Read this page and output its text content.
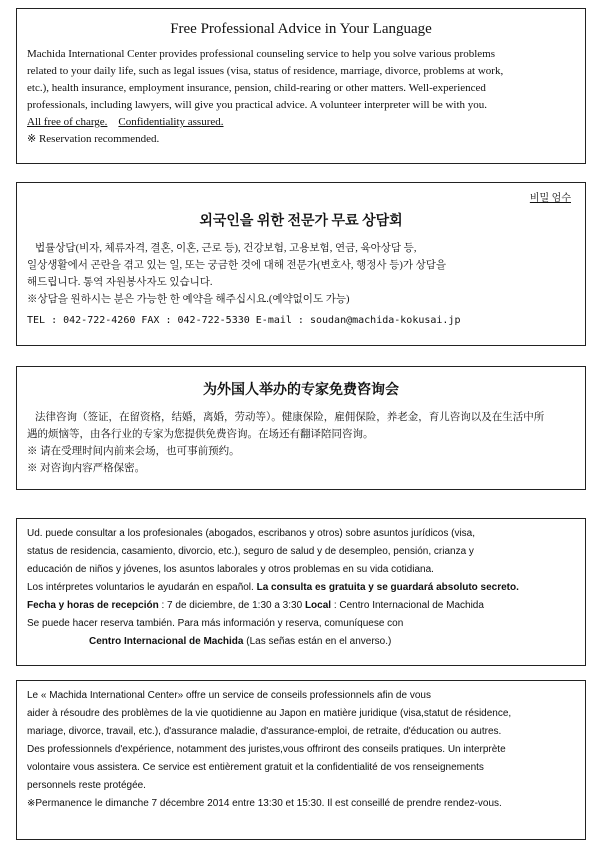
Free Professional Advice in Your Language

Machida International Center provides professional counseling service to help you solve various problems

related to your daily life, such as legal issues (visa, status of residence, marriage, divorce, problems at work,

etc.), health insurance, employment insurance, pension, child-rearing or other matters. Well-experienced

professionals, including lawyers, will give you practical advice. A volunteer interpreter will be with you.

All free of charge. Confidentiality assured.

※ Reservation recommended.

비밀 엄수
외국인을 위한 전문가 무료 상담회

법률상담(비자, 체류자격, 결혼, 이혼, 근로 등), 건강보험, 고용보험, 연금, 육아상담 등,

일상생활에서 곤란을 겪고 있는 일, 또는 궁금한 것에 대해 전문가(변호사, 행정사 등)가 상담을

해드립니다. 통역 자원봉사자도 있습니다.

※상담을 원하시는 분은 가능한 한 예약을 해주십시요.(예약없이도 가능)

TEL : 042-722-4260 FAX : 042-722-5330 E-mail : soudan@machida-kokusai.jp

为外国人举办的专家免费咨询会

法律咨询（签证，在留资格，结婚，离婚，劳动等）。健康保险，雇佣保险，养老金，育儿咨询以及在生活中所

遇的烦恼等，由各行业的专家为您提供免费咨询。在场还有翻译陪同咨询。

※ 请在受理时间内前来会场，也可事前预约。

※ 对咨询内容严格保密。

Ud. puede consultar a los profesionales (abogados, escribanos y otros) sobre asuntos jurídicos (visa,

status de residencia, casamiento, divorcio, etc.), seguro de salud y de desempleo, pensión, crianza y

educación de niños y jóvenes, los asuntos laborales y otros problemas en su vida cotidiana.

Los intérpretes voluntarios le ayudarán en español. La consulta es gratuita y se guardará absoluto secreto.

Fecha y horas de recepción : 7 de diciembre, de 1:30 a 3:30 Local : Centro Internacional de Machida

Se puede hacer reserva también. Para más información y reserva, comuníquese con

Centro Internacional de Machida (Las señas están en el anverso.)

Le « Machida International Center» offre un service de conseils professionnels afin de vous

aider à résoudre des problèmes de la vie quotidienne au Japon en matière juridique (visa,statut de résidence,

mariage, divorce, travail, etc.), d'assurance maladie, d'assurance-emploi, de retraite, d'éducation ou autres.

Des professionnels d'expérience, notamment des juristes,vous offriront des conseils pratiques. Un interprète

volontaire vous assistera. Ce service est entièrement gratuit et la confidentialité de vos renseignements

personnels reste protégée.

※Permanence le dimanche 7 décembre 2014 entre 13:30 et 15:30. Il est conseillé de prendre rendez-vous.
